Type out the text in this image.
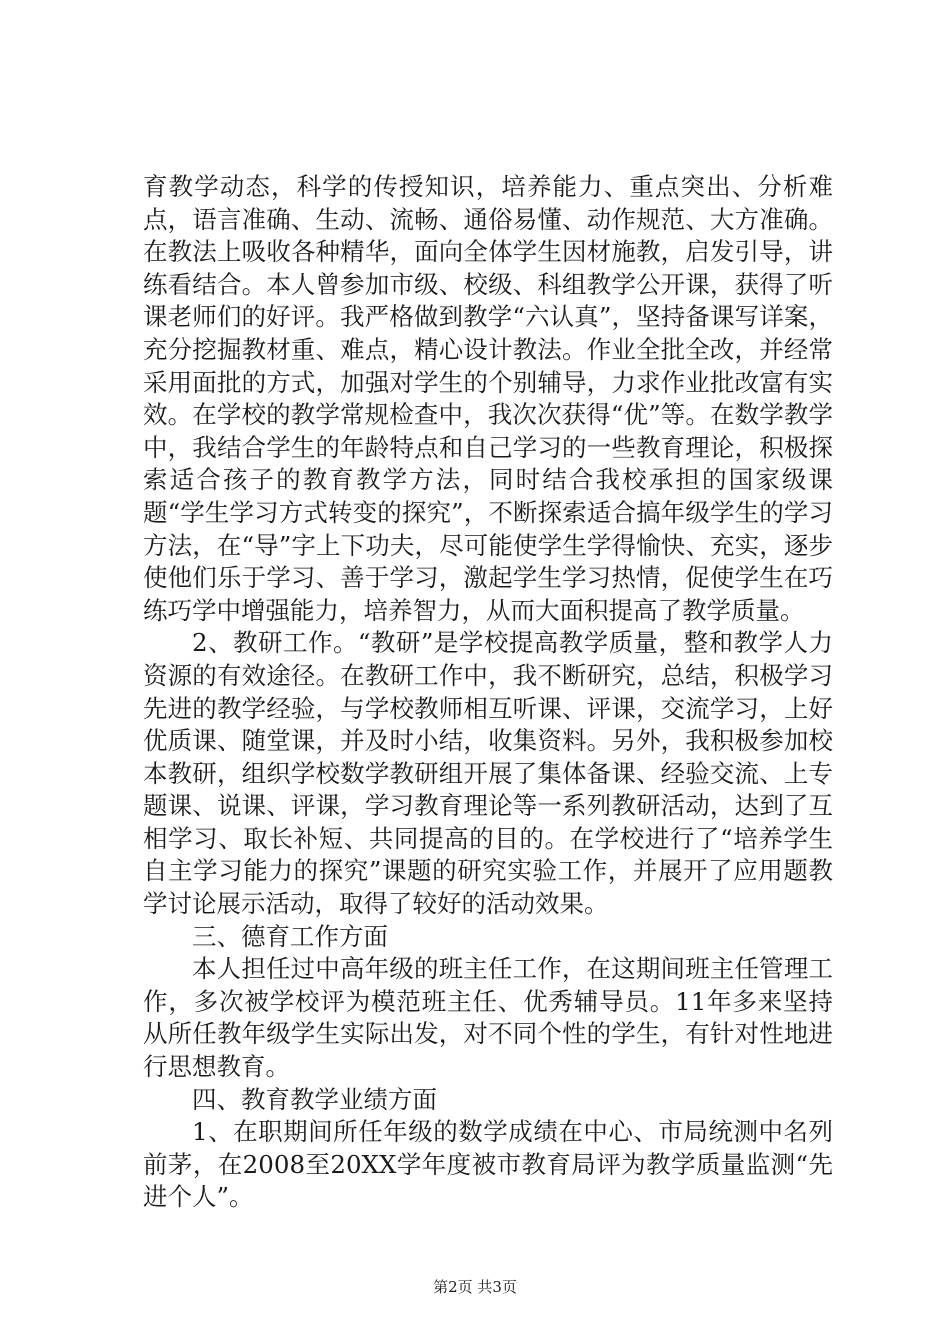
育教学动态，科学的传授知识，培养能力、重点突出、分析难点，语言准确、生动、流畅、通俗易懂、动作规范、大方准确。在教法上吸收各种精华，面向全体学生因材施教，启发引导，讲练看结合。本人曾参加市级、校级、科组教学公开课，获得了听课老师们的好评。我严格做到教学“六认真”，坚持备课写详案，充分挖掘教材重、难点，精心设计教法。作业全批全改，并经常采用面批的方式，加强对学生的个别辅导，力求作业批改富有实效。在学校的教学常规检查中，我次次获得“优”等。在数学教学中，我结合学生的年龄特点和自己学习的一些教育理论，积极探索适合孩子的教育教学方法，同时结合我校承担的国家级课题“学生学习方式转变的探究”，不断探索适合搞年级学生的学习方法，在“导”字上下功夫，尽可能使学生学得愉快、充实，逐步使他们乐于学习、善于学习，激起学生学习热情，促使学生在巧练巧学中增强能力，培养智力，从而大面积提高了教学质量。

2、教研工作。“教研”是学校提高教学质量，整和教学人力资源的有效途径。在教研工作中，我不断研究，总结，积极学习先进的教学经验，与学校教师相互听课、评课，交流学习，上好优质课、随堂课，并及时小结，收集资料。另外，我积极参加校本教研，组织学校数学教研组开展了集体备课、经验交流、上专题课、说课、评课，学习教育理论等一系列教研活动，达到了互相学习、取长补短、共同提高的目的。在学校进行了“培养学生自主学习能力的探究”课题的研究实验工作，并展开了应用题教学讨论展示活动，取得了较好的活动效果。

三、德育工作方面

本人担任过中高年级的班主任工作，在这期间班主任管理工作，多次被学校评为模范班主任、优秀辅导员。11年多来坚持从所任教年级学生实际出发，对不同个性的学生，有针对性地进行思想教育。

四、教育教学业绩方面

1、在职期间所任年级的数学成绩在中心、市局统测中名列前茅，在2008至20XX学年度被市教育局评为教学质量监测“先进个人”。

第2页 共3页
